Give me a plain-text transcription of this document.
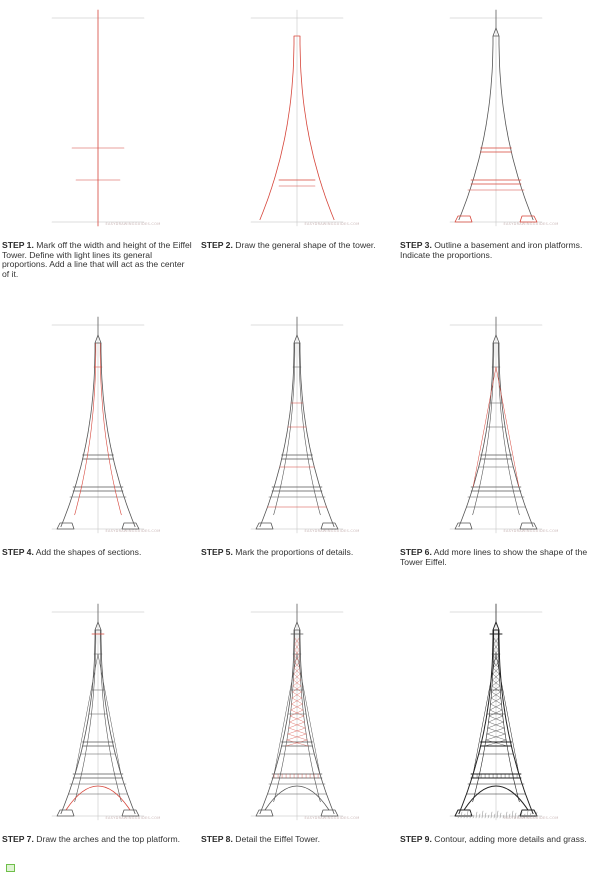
EASYDRAWINGGUIDES.COM
STEP 1. Mark off the width and height of the Eiffel Tower. Define with light lines its general proportions. Add a line that will act as the center of it.
EASYDRAWINGGUIDES.COM
STEP 2. Draw the general shape of the tower.
EASYDRAWINGGUIDES.COM
STEP 3. Outline a basement and iron platforms. Indicate the proportions.
EASYDRAWINGGUIDES.COM
STEP 4. Add the shapes of sections.
EASYDRAWINGGUIDES.COM
STEP 5. Mark the proportions of details.
EASYDRAWINGGUIDES.COM
STEP 6. Add more lines to show the shape of the Tower Eiffel.
EASYDRAWINGGUIDES.COM
STEP 7. Draw the arches and the top platform.
EASYDRAWINGGUIDES.COM
STEP 8. Detail the Eiffel Tower.
EASYDRAWINGGUIDES.COM
STEP 9. Contour, adding more details and grass.
